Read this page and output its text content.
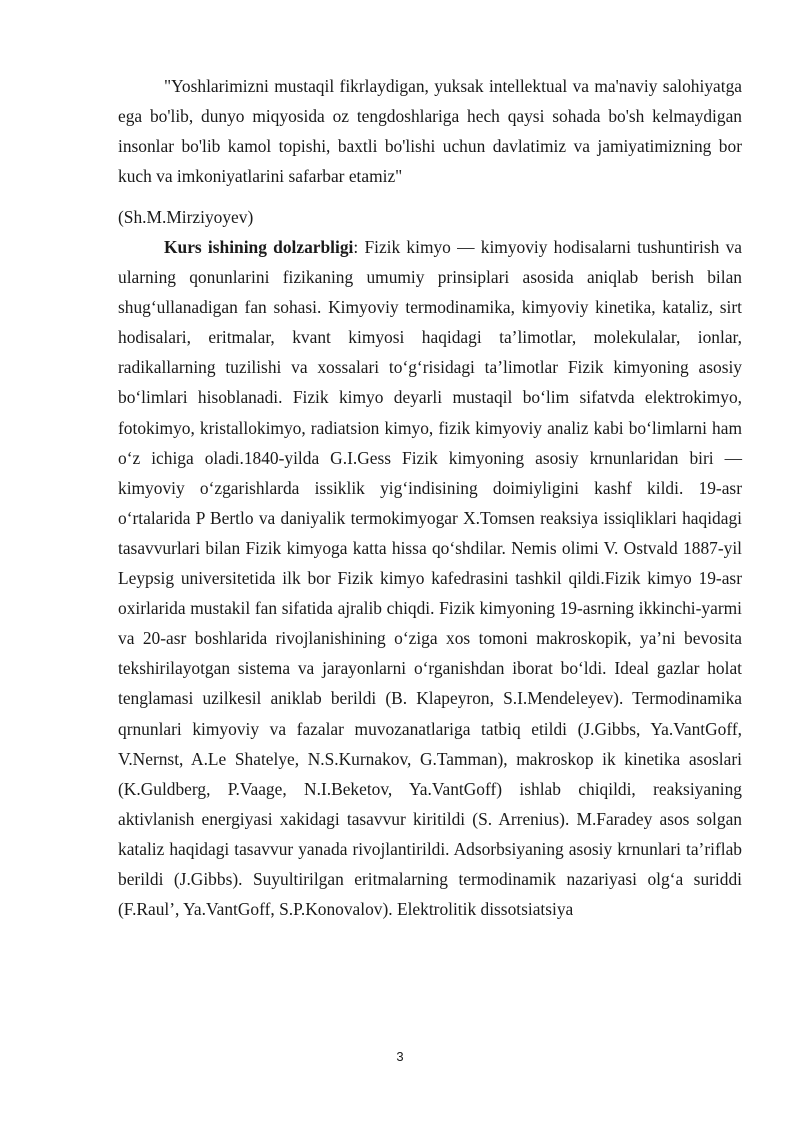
"Yoshlarimizni mustaqil fikrlaydigan, yuksak intellektual va ma'naviy salohiyatga ega bo'lib, dunyo miqyosida oz tengdoshlariga hech qaysi sohada bo'sh kelmaydigan insonlar bo'lib kamol topishi, baxtli bo'lishi uchun davlatimiz va jamiyatimizning bor kuch va imkoniyatlarini safarbar etamiz"

(Sh.M.Mirziyoyev)

Kurs ishining dolzarbligi: Fizik kimyo — kimyoviy hodisalarni tushuntirish va ularning qonunlarini fizikaning umumiy prinsiplari asosida aniqlab berish bilan shug‘ullanadigan fan sohasi. Kimyoviy termodinamika, kimyoviy kinetika, kataliz, sirt hodisalari, eritmalar, kvant kimyosi haqidagi ta’limotlar, molekulalar, ionlar, radikallarning tuzilishi va xossalari to‘g‘risidagi ta’limotlar Fizik kimyoning asosiy bo‘limlari hisoblanadi. Fizik kimyo deyarli mustaqil bo‘lim sifatvda elektrokimyo, fotokimyo, kristallokimyo, radiatsion kimyo, fizik kimyoviy analiz kabi bo‘limlarni ham o‘z ichiga oladi.1840-yilda G.I.Gess Fizik kimyoning asosiy krnunlaridan biri — kimyoviy o‘zgarishlarda issiklik yig‘indisining doimiyligini kashf kildi. 19-asr o‘rtalarida P Bertlo va daniyalik termokimyogar X.Tomsen reaksiya issiqliklari haqidagi tasavvurlari bilan Fizik kimyoga katta hissa qo‘shdilar. Nemis olimi V. Ostvald 1887-yil Leypsig universitetida ilk bor Fizik kimyo kafedrasini tashkil qildi.Fizik kimyo 19-asr oxirlarida mustakil fan sifatida ajralib chiqdi. Fizik kimyoning 19-asrning ikkinchi-yarmi va 20-asr boshlarida rivojlanishining o‘ziga xos tomoni makroskopik, ya’ni bevosita tekshirilayotgan sistema va jarayonlarni o‘rganishdan iborat bo‘ldi. Ideal gazlar holat tenglamasi uzilkesil aniklab berildi (B. Klapeyron, S.I.Mendeleyev). Termodinamika qrnunlari kimyoviy va fazalar muvozanatlariga tatbiq etildi (J.Gibbs, Ya.VantGoff, V.Nernst, A.Le Shatelye, N.S.Kurnakov, G.Tamman), makroskop ik kinetika asoslari (K.Guldberg, P.Vaage, N.I.Beketov, Ya.VantGoff) ishlab chiqildi, reaksiyaning aktivlanish energiyasi xakidagi tasavvur kiritildi (S. Arrenius). M.Faradey asos solgan kataliz haqidagi tasavvur yanada rivojlantirildi. Adsorbsiyaning asosiy krnunlari ta’riflab berildi (J.Gibbs). Suyultirilgan eritmalarning termodinamik nazariyasi olg‘a suriddi (F.Raul’, Ya.VantGoff, S.P.Konovalov). Elektrolitik dissotsiatsiya

3
